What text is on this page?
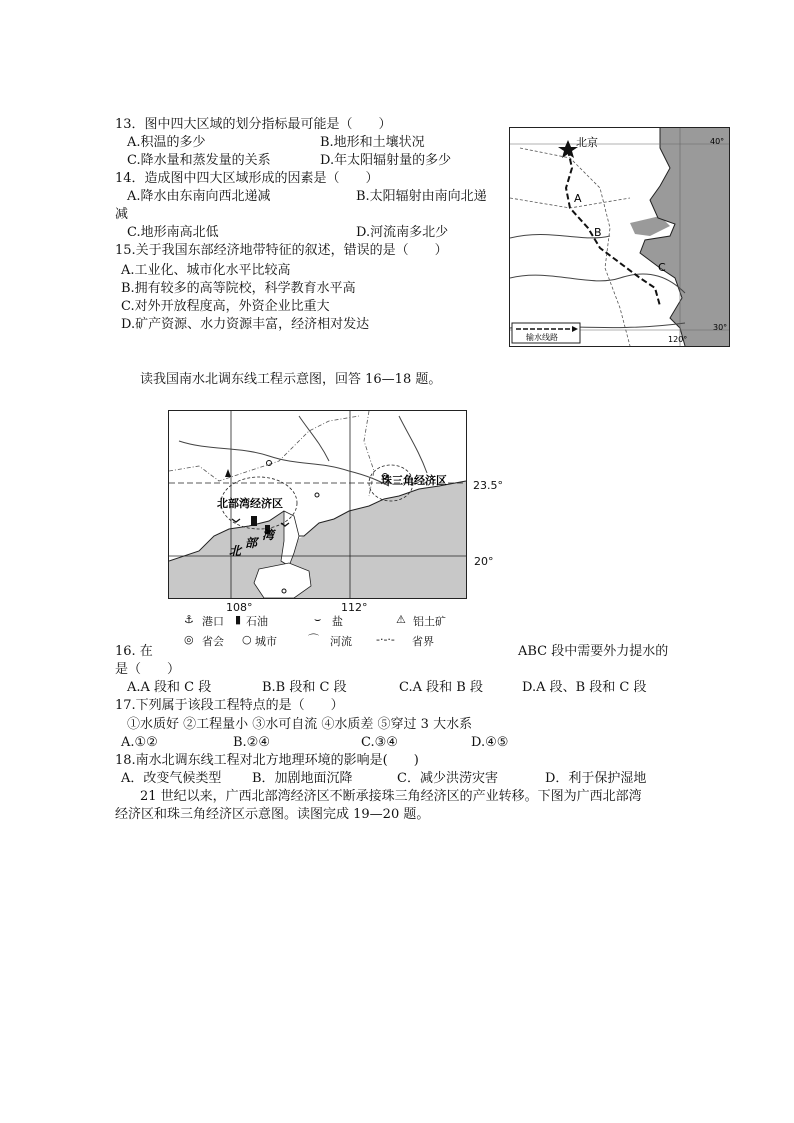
13．图中四大区域的划分指标最可能是（　　）
A.积温的多少	B.地形和土壤状况
C.降水量和蒸发量的关系	D.年太阳辐射量的多少
14．造成图中四大区域形成的因素是（　　）
A.降水由东南向西北递减	B.太阳辐射由南向北递
减
C.地形南高北低	D.河流南多北少
15.关于我国东部经济地带特征的叙述，错误的是（　　）
A.工业化、城市化水平比较高
B.拥有较多的高等院校，科学教育水平高
C.对外开放程度高，外资企业比重大
D.矿产资源、水力资源丰富，经济相对发达
北京	40°
30°
120°
A
B
C
输水线路
读我国南水北调东线工程示意图，回答 16—18 题。
北部湾经济区
珠三角经济区
北
部
湾
23.5°
20°
108°	112°
⚓ 港口 ▮ 石油	⌣ 盐	⚠ 铝土矿
◎ 省会 ○ 城市	⌒ 河流 -·-·- 省界
16. 在	ABC 段中需要外力提水的
是（　　）
A.A 段和 C 段	B.B 段和 C 段	C.A 段和 B 段	D.A 段、B 段和 C 段
17.下列属于该段工程特点的是（　　）
①水质好 ②工程量小 ③水可自流 ④水质差 ⑤穿过 3 大水系
A.①②	B.②④	C.③④	D.④⑤
18.南水北调东线工程对北方地理环境的影响是(　　)
A．改变气候类型 B．加剧地面沉降	C．减少洪涝灾害	D．利于保护湿地
21 世纪以来，广西北部湾经济区不断承接珠三角经济区的产业转移。下图为广西北部湾
经济区和珠三角经济区示意图。读图完成 19—20 题。
